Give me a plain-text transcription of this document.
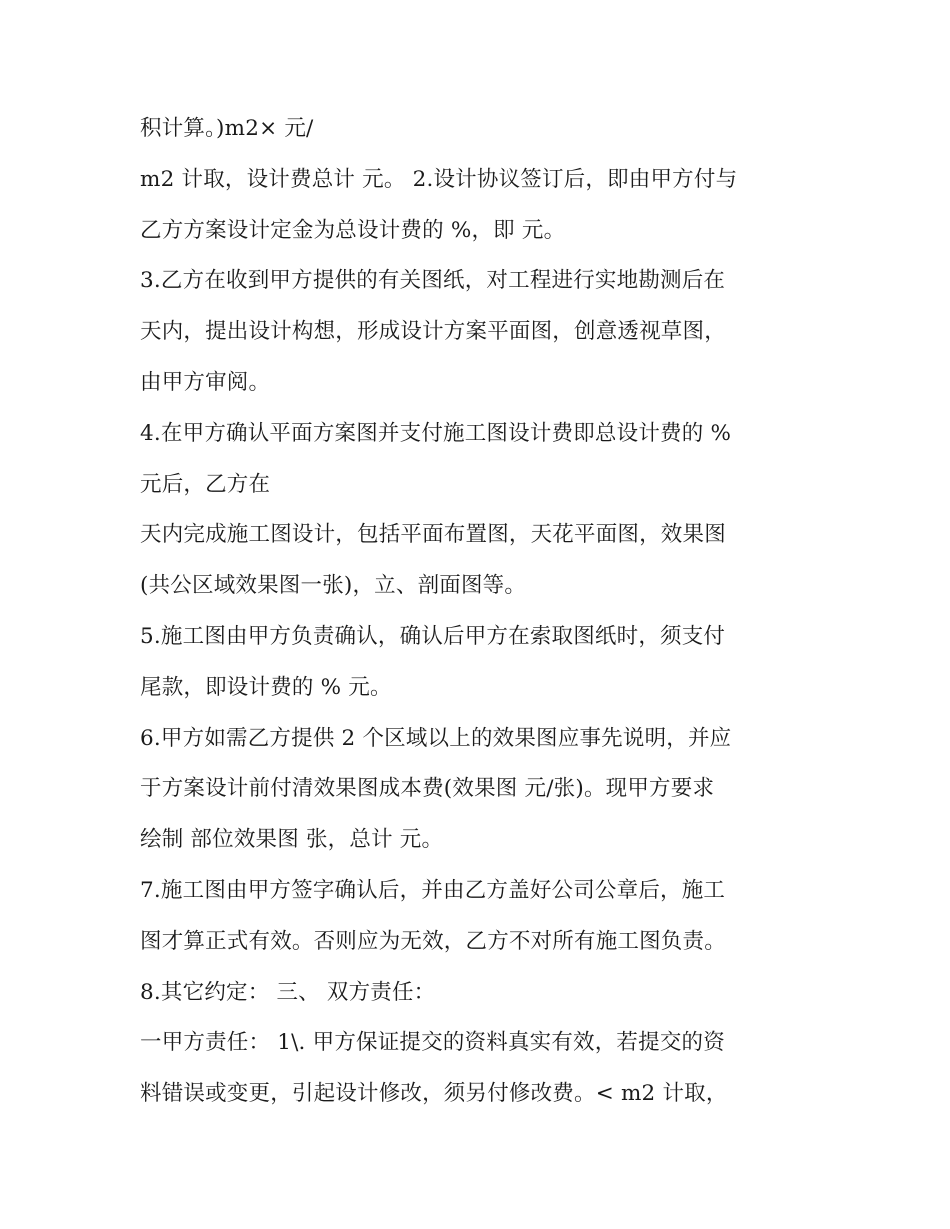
积计算。)m2× 元/
m2 计取，设计费总计 元。 2.设计协议签订后，即由甲方付与
乙方方案设计定金为总设计费的 %，即 元。
3.乙方在收到甲方提供的有关图纸，对工程进行实地勘测后在
天内，提出设计构想，形成设计方案平面图，创意透视草图，
由甲方审阅。
4.在甲方确认平面方案图并支付施工图设计费即总设计费的 %
元后，乙方在
天内完成施工图设计，包括平面布置图，天花平面图，效果图
(共公区域效果图一张)，立、剖面图等。
5.施工图由甲方负责确认，确认后甲方在索取图纸时，须支付
尾款，即设计费的 % 元。
6.甲方如需乙方提供 2 个区域以上的效果图应事先说明，并应
于方案设计前付清效果图成本费(效果图 元/张)。现甲方要求
绘制 部位效果图 张，总计 元。
7.施工图由甲方签字确认后，并由乙方盖好公司公章后，施工
图才算正式有效。否则应为无效，乙方不对所有施工图负责。
8.其它约定： 三、 双方责任：
一甲方责任： 1\. 甲方保证提交的资料真实有效，若提交的资
料错误或变更，引起设计修改，须另付修改费。< m2 计取，
